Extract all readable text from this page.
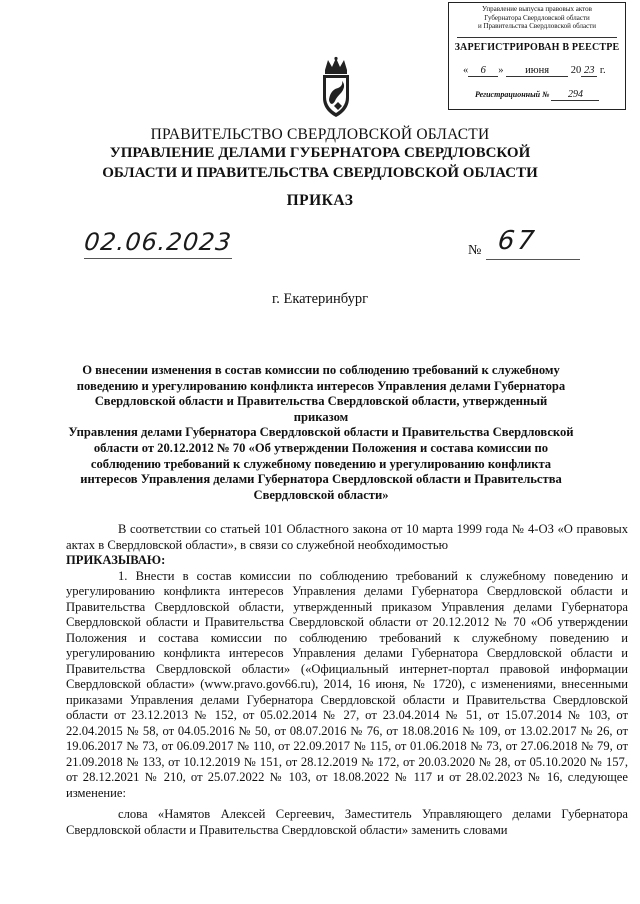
Управление выпуска правовых актов
Губернатора Свердловской области
и Правительства Свердловской области
ЗАРЕГИСТРИРОВАН В РЕЕСТРЕ
« 6 » июня 20 23 г.
Регистрационный № 294
ПРАВИТЕЛЬСТВО СВЕРДЛОВСКОЙ ОБЛАСТИ
УПРАВЛЕНИЕ ДЕЛАМИ ГУБЕРНАТОРА СВЕРДЛОВСКОЙ
ОБЛАСТИ И ПРАВИТЕЛЬСТВА СВЕРДЛОВСКОЙ ОБЛАСТИ
ПРИКАЗ
02.06.2023	№ 67
г. Екатеринбург
О внесении изменения в состав комиссии по соблюдению требований к служебному
поведению и урегулированию конфликта интересов Управления делами Губернатора
Свердловской области и Правительства Свердловской области, утвержденный приказом
Управления делами Губернатора Свердловской области и Правительства Свердловской
области от 20.12.2012 № 70 «Об утверждении Положения и состава комиссии по
соблюдению требований к служебному поведению и урегулированию конфликта
интересов Управления делами Губернатора Свердловской области и Правительства
Свердловской области»

В соответствии со статьей 101 Областного закона от 10 марта 1999 года № 4-ОЗ «О правовых актах в Свердловской области», в связи со служебной необходимостью

ПРИКАЗЫВАЮ:

1. Внести в состав комиссии по соблюдению требований к служебному поведению и урегулированию конфликта интересов Управления делами Губернатора Свердловской области и Правительства Свердловской области, утвержденный приказом Управления делами Губернатора Свердловской области и Правительства Свердловской области от 20.12.2012 № 70 «Об утверждении Положения и состава комиссии по соблюдению требований к служебному поведению и урегулированию конфликта интересов Управления делами Губернатора Свердловской области и Правительства Свердловской области» («Официальный интернет-портал правовой информации Свердловской области» (www.pravo.gov66.ru), 2014, 16 июня, № 1720), с изменениями, внесенными приказами Управления делами Губернатора Свердловской области и Правительства Свердловской области от 23.12.2013 № 152, от 05.02.2014 № 27, от 23.04.2014 № 51, от 15.07.2014 № 103, от 22.04.2015 № 58, от 04.05.2016 № 50, от 08.07.2016 № 76, от 18.08.2016 № 109, от 13.02.2017 № 26, от 19.06.2017 № 73, от 06.09.2017 № 110, от 22.09.2017 № 115, от 01.06.2018 № 73, от 27.06.2018 № 79, от 21.09.2018 № 133, от 10.12.2019 № 151, от 28.12.2019 № 172, от 20.03.2020 № 28, от 05.10.2020 № 157, от 28.12.2021 № 210, от 25.07.2022 № 103, от 18.08.2022 № 117 и от 28.02.2023 № 16, следующее изменение:

слова «Намятов Алексей Сергеевич, Заместитель Управляющего делами Губернатора Свердловской области и Правительства Свердловской области» заменить словами
